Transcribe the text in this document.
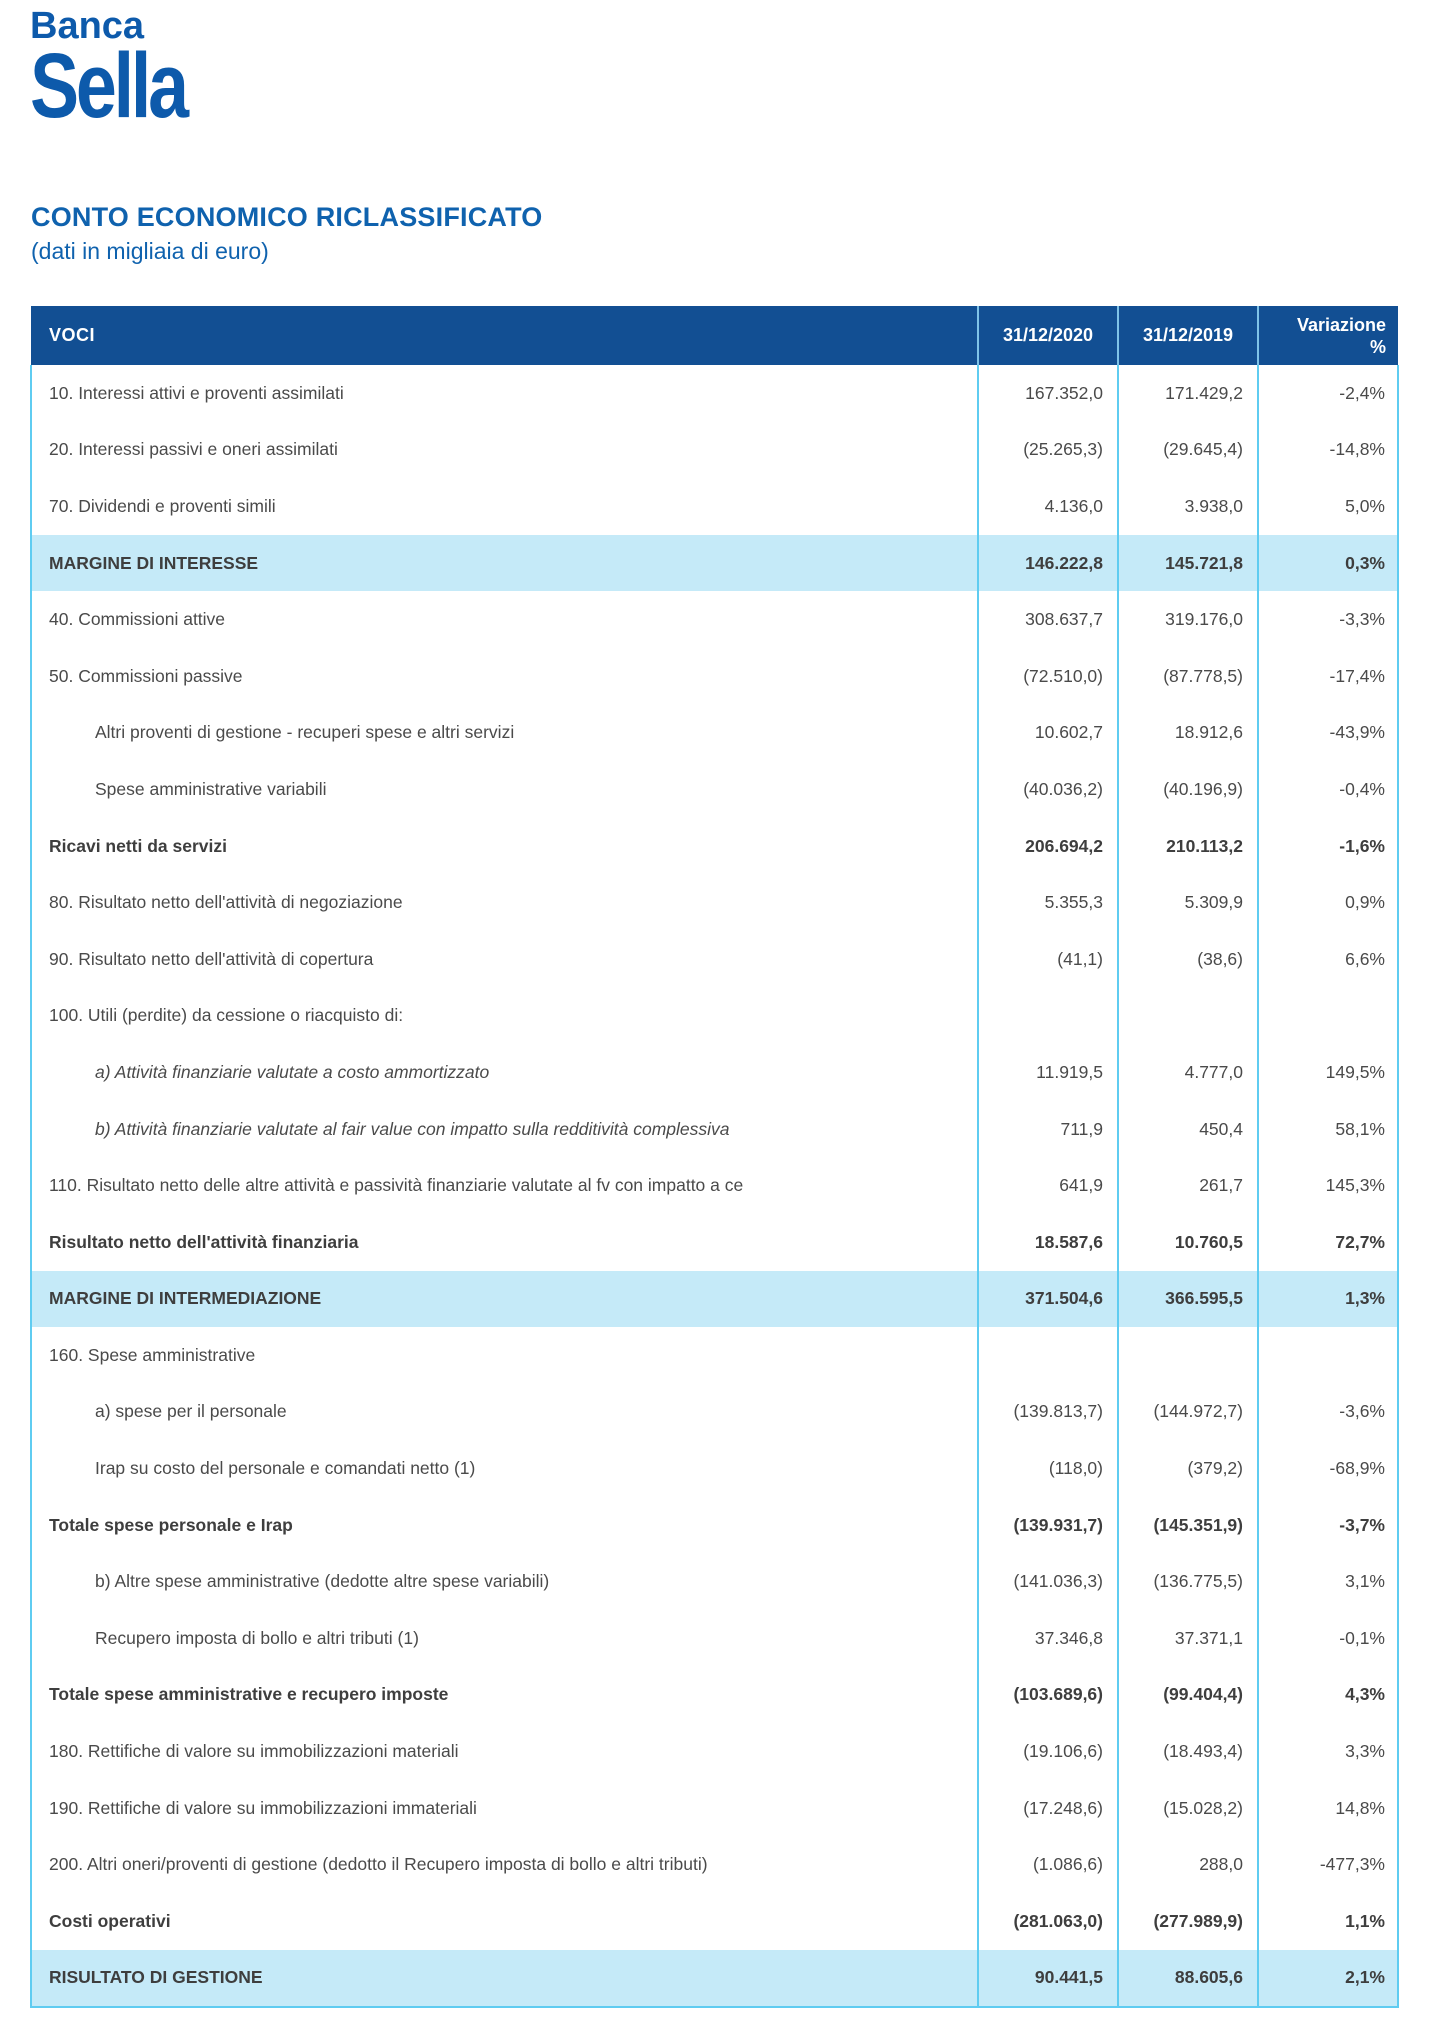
Banca
Sella
CONTO ECONOMICO RICLASSIFICATO
(dati in migliaia di euro)
VOCI	31/12/2020	31/12/2019	Variazione
%
10. Interessi attivi e proventi assimilati	167.352,0	171.429,2	-2,4%
20. Interessi passivi e oneri assimilati	(25.265,3)	(29.645,4)	-14,8%
70. Dividendi e proventi simili	4.136,0	3.938,0	5,0%
MARGINE DI INTERESSE	146.222,8	145.721,8	0,3%
40. Commissioni attive	308.637,7	319.176,0	-3,3%
50. Commissioni passive	(72.510,0)	(87.778,5)	-17,4%
Altri proventi di gestione - recuperi spese e altri servizi	10.602,7	18.912,6	-43,9%
Spese amministrative variabili	(40.036,2)	(40.196,9)	-0,4%
Ricavi netti da servizi	206.694,2	210.113,2	-1,6%
80. Risultato netto dell'attività di negoziazione	5.355,3	5.309,9	0,9%
90. Risultato netto dell'attività di copertura	(41,1)	(38,6)	6,6%
100. Utili (perdite) da cessione o riacquisto di:			
a) Attività finanziarie valutate a costo ammortizzato	11.919,5	4.777,0	149,5%
b) Attività finanziarie valutate al fair value con impatto sulla redditività complessiva	711,9	450,4	58,1%
110. Risultato netto delle altre attività e passività finanziarie valutate al fv con impatto a ce	641,9	261,7	145,3%
Risultato netto dell'attività finanziaria	18.587,6	10.760,5	72,7%
MARGINE DI INTERMEDIAZIONE	371.504,6	366.595,5	1,3%
160. Spese amministrative			
a) spese per il personale	(139.813,7)	(144.972,7)	-3,6%
Irap su costo del personale e comandati netto (1)	(118,0)	(379,2)	-68,9%
Totale spese personale e Irap	(139.931,7)	(145.351,9)	-3,7%
b) Altre spese amministrative (dedotte altre spese variabili)	(141.036,3)	(136.775,5)	3,1%
Recupero imposta di bollo e altri tributi (1)	37.346,8	37.371,1	-0,1%
Totale spese amministrative e recupero imposte	(103.689,6)	(99.404,4)	4,3%
180. Rettifiche di valore su immobilizzazioni materiali	(19.106,6)	(18.493,4)	3,3%
190. Rettifiche di valore su immobilizzazioni immateriali	(17.248,6)	(15.028,2)	14,8%
200. Altri oneri/proventi di gestione (dedotto il Recupero imposta di bollo e altri tributi)	(1.086,6)	288,0	-477,3%
Costi operativi	(281.063,0)	(277.989,9)	1,1%
RISULTATO DI GESTIONE	90.441,5	88.605,6	2,1%
